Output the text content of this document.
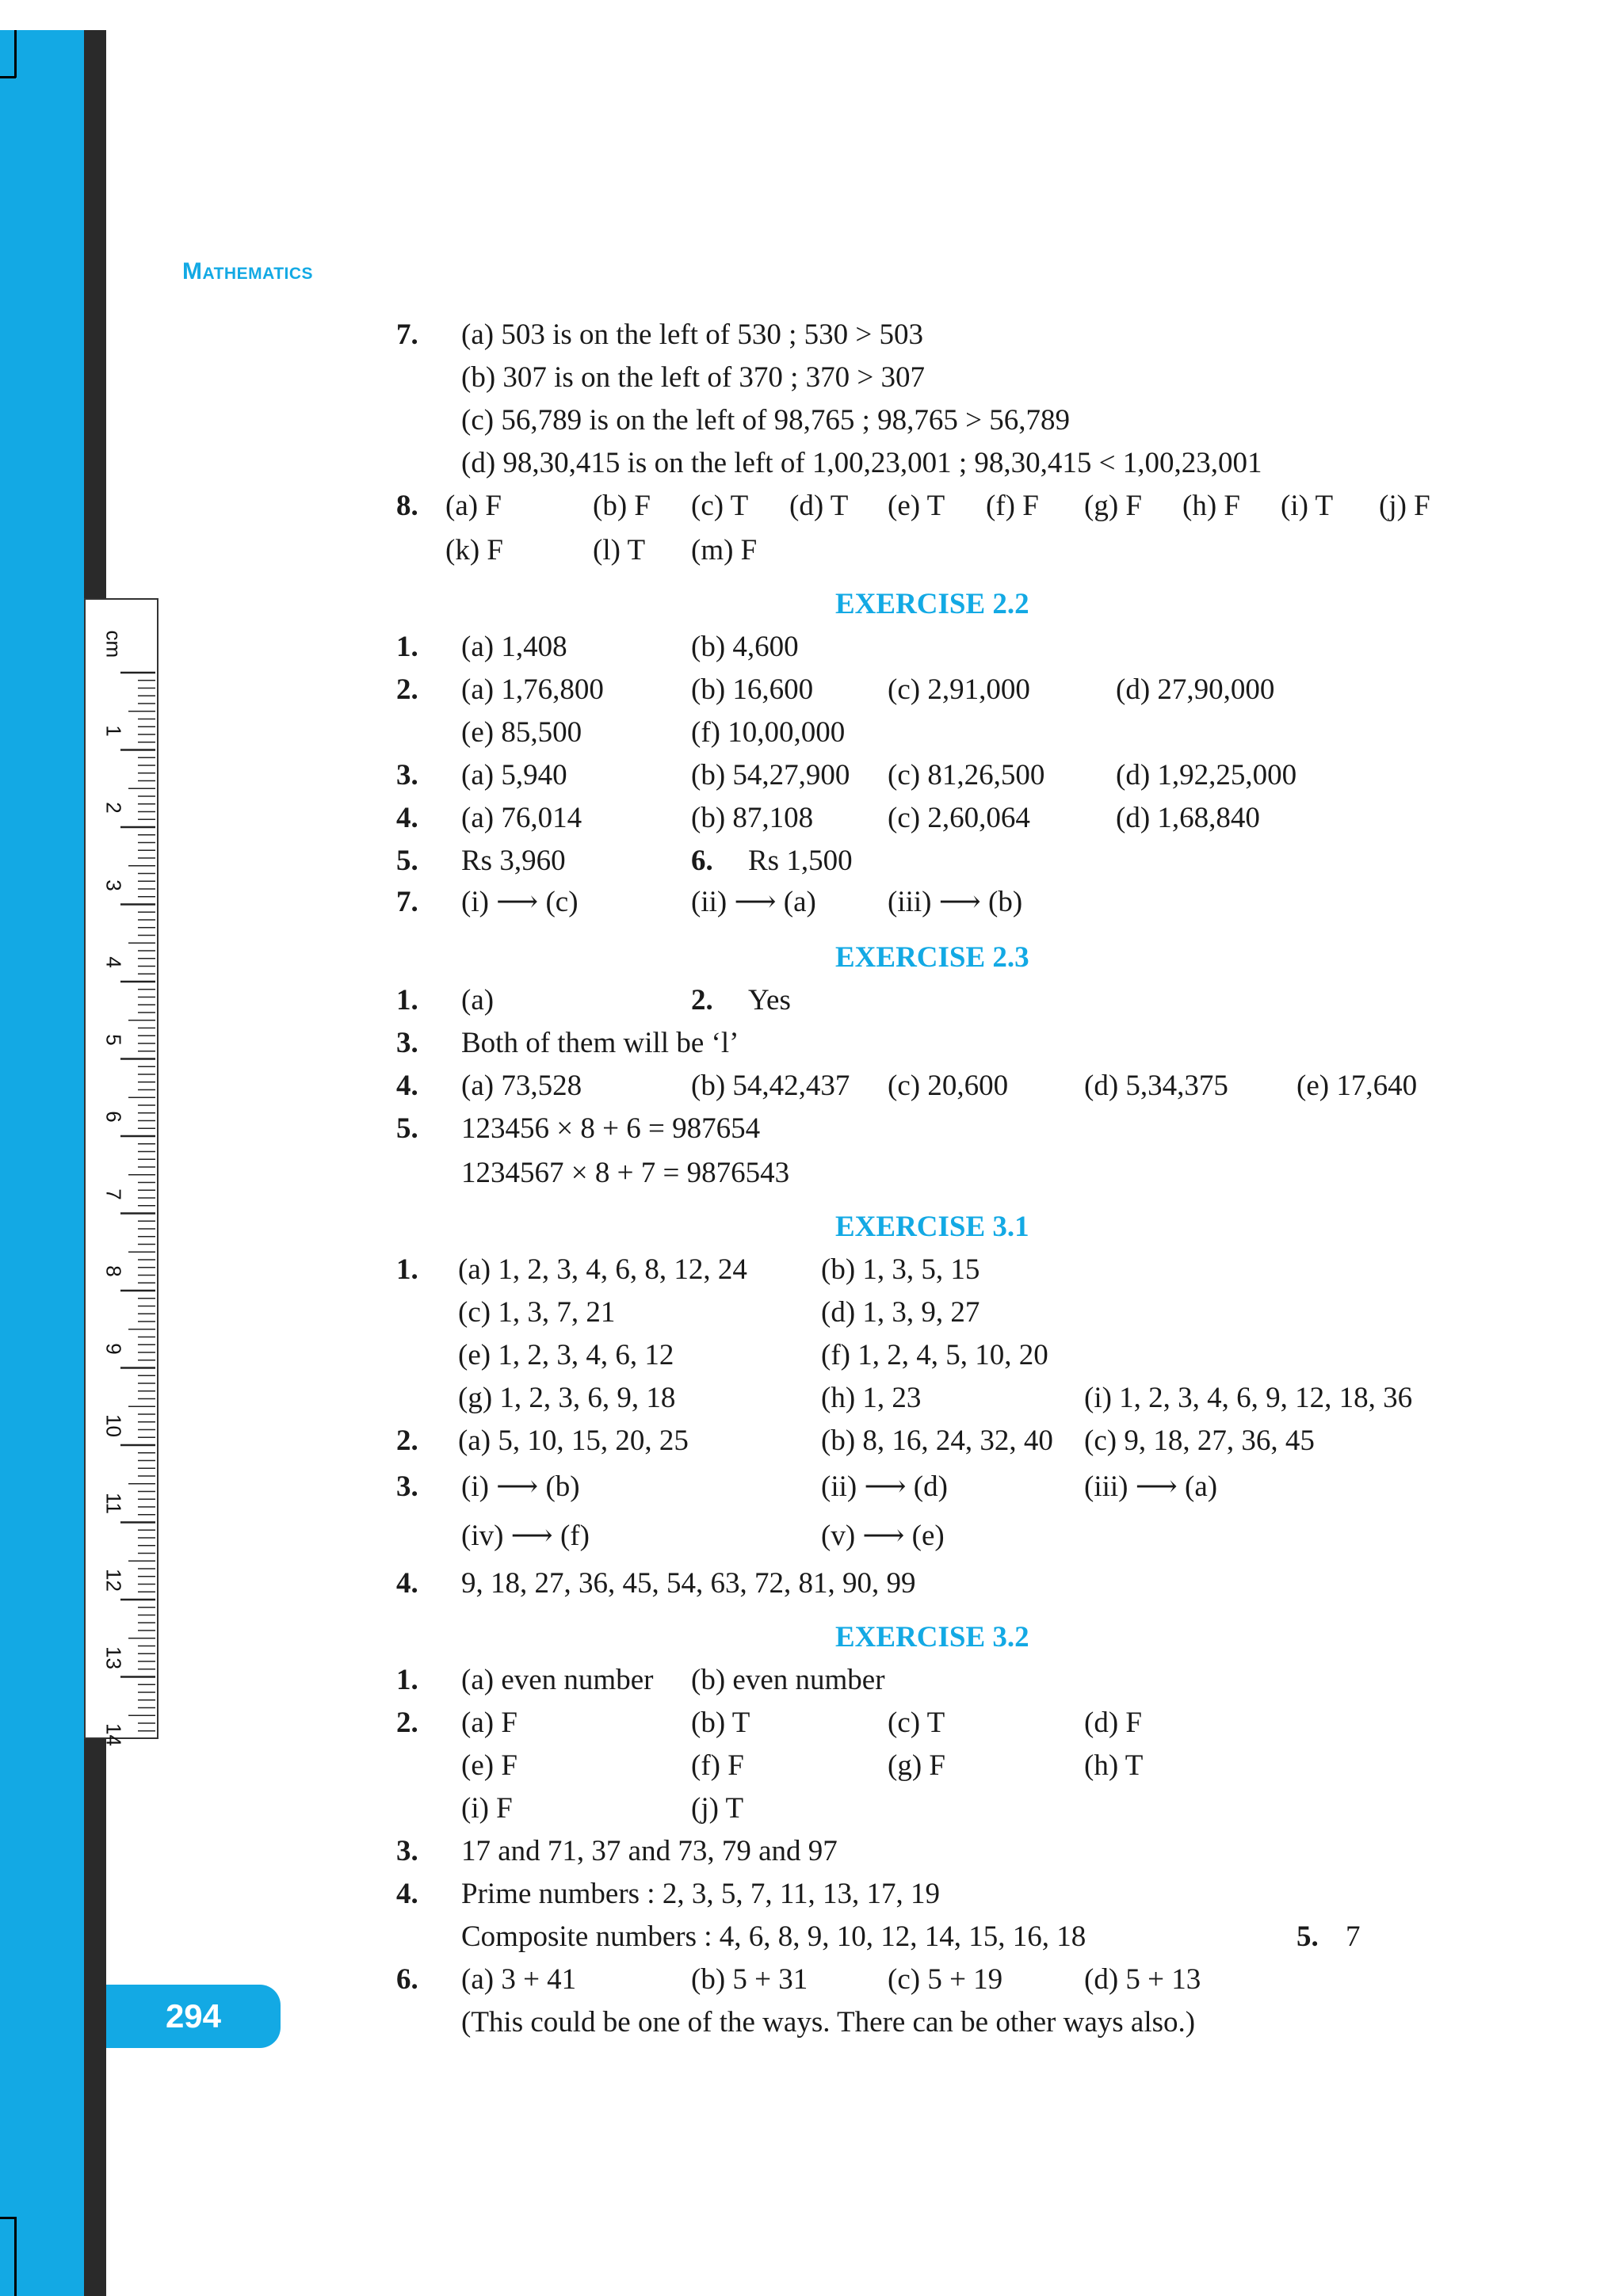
cm
1
2
3
4
5
6
7
8
9
10
11
12
13
14
Mathematics
7. (a) 503 is on the left of 530 ; 530 > 503
(b) 307 is on the left of 370 ; 370 > 307
(c) 56,789 is on the left of 98,765 ; 98,765 > 56,789
(d) 98,30,415 is on the left of 1,00,23,001 ; 98,30,415 < 1,00,23,001
8. (a) F	(b) F (c) T (d) T (e) T (f) F (g) F (h) F (i) T (j) F
(k) F	(l) T (m) F
EXERCISE 2.2
1. (a) 1,408	(b) 4,600
2. (a) 1,76,800	(b) 16,600	(c) 2,91,000	(d) 27,90,000
(e) 85,500	(f) 10,00,000
3. (a) 5,940	(b) 54,27,900 (c) 81,26,500 (d) 1,92,25,000
4. (a) 76,014	(b) 87,108	(c) 2,60,064	(d) 1,68,840
5. Rs 3,960	6. Rs 1,500
7. (i) ⟶ (c)	(ii) ⟶ (a) (iii) ⟶ (b)
EXERCISE 2.3
1. (a)	2. Yes
3. Both of them will be ‘l’
4. (a) 73,528	(b) 54,42,437 (c) 20,600	(d) 5,34,375 (e) 17,640
5. 123456 × 8 + 6 = 987654
1234567 × 8 + 7 = 9876543
EXERCISE 3.1
1. (a) 1, 2, 3, 4, 6, 8, 12, 24	(b) 1, 3, 5, 15
(c) 1, 3, 7, 21	(d) 1, 3, 9, 27
(e) 1, 2, 3, 4, 6, 12	(f) 1, 2, 4, 5, 10, 20
(g) 1, 2, 3, 6, 9, 18	(h) 1, 23	(i) 1, 2, 3, 4, 6, 9, 12, 18, 36
2. (a) 5, 10, 15, 20, 25	(b) 8, 16, 24, 32, 40 (c) 9, 18, 27, 36, 45
3. (i) ⟶ (b)	(ii) ⟶ (d)	(iii) ⟶ (a)
(iv) ⟶ (f)	(v) ⟶ (e)
4. 9, 18, 27, 36, 45, 54, 63, 72, 81, 90, 99
EXERCISE 3.2
1. (a) even number (b) even number
2. (a) F	(b) T	(c) T	(d) F
(e) F	(f) F	(g) F	(h) T
(i) F	(j) T
3. 17 and 71, 37 and 73, 79 and 97
4. Prime numbers : 2, 3, 5, 7, 11, 13, 17, 19
Composite numbers : 4, 6, 8, 9, 10, 12, 14, 15, 16, 18	5. 7
6. (a) 3 + 41	(b) 5 + 31	(c) 5 + 19	(d) 5 + 13
(This could be one of the ways. There can be other ways also.)
294
